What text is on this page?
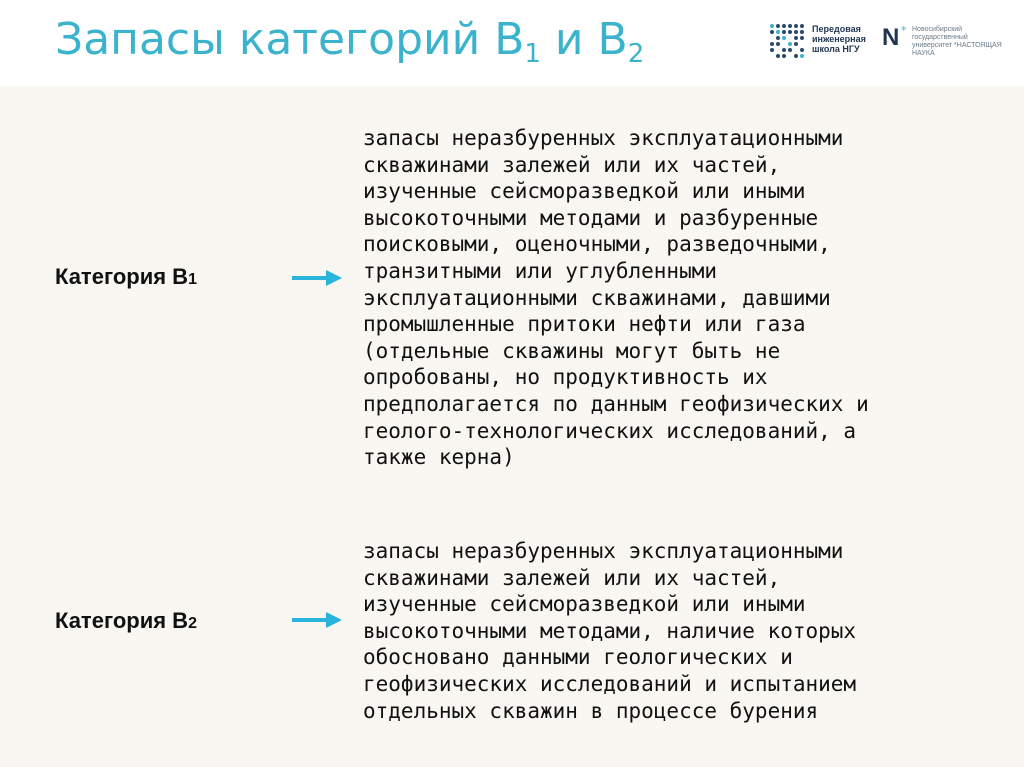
Запасы категорий $B_1$ и $B_2$
Передовая инженерная школа НГУ N * Новосибирский государственный университет *НАСТОЯЩАЯ НАУКА
Категория B1
запасы неразбуренных эксплуатационными
скважинами залежей или их частей,
изученные сейсморазведкой или иными
высокоточными методами и разбуренные
поисковыми, оценочными, разведочными,
транзитными или углубленными
эксплуатационными скважинами, давшими
промышленные притоки нефти или газа
(отдельные скважины могут быть не
опробованы, но продуктивность их
предполагается по данным геофизических и
геолого-технологических исследований, а
также керна)
Категория B2
запасы неразбуренных эксплуатационными
скважинами залежей или их частей,
изученные сейсморазведкой или иными
высокоточными методами, наличие которых
обосновано данными геологических и
геофизических исследований и испытанием
отдельных скважин в процессе бурения
